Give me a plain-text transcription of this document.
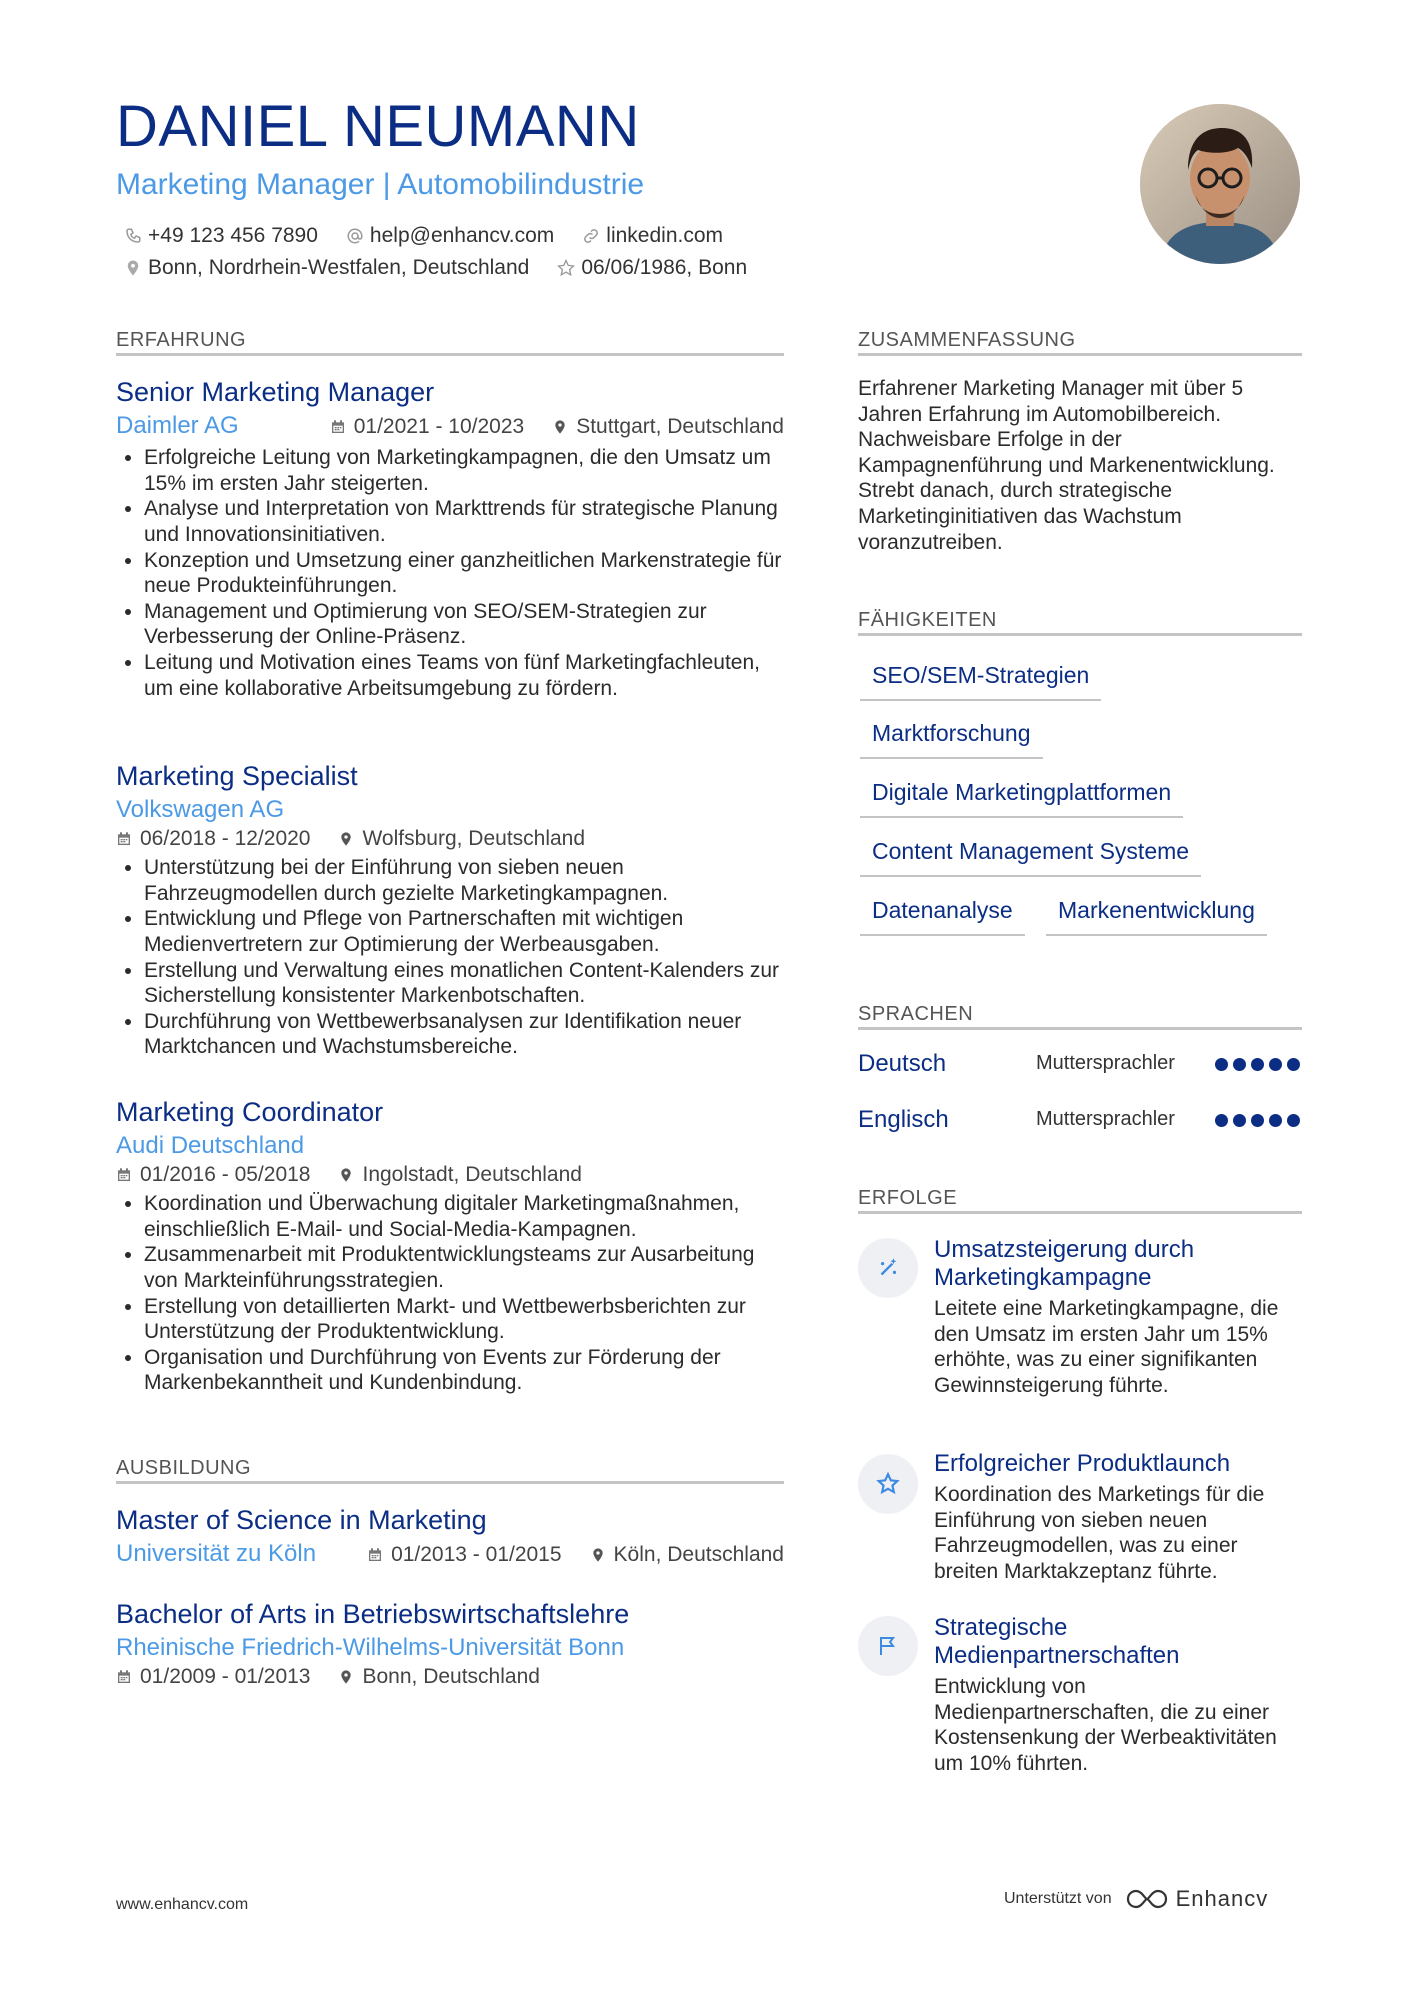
DANIEL NEUMANN
Marketing Manager | Automobilindustrie
+49 123 456 7890 help@enhancv.com linkedin.com
Bonn, Nordrhein-Westfalen, Deutschland 06/06/1986, Bonn
ERFAHRUNG
Senior Marketing Manager
Daimler AG	01/2021 - 10/2023 Stuttgart, Deutschland
• Erfolgreiche Leitung von Marketingkampagnen, die den Umsatz um 15% im ersten Jahr steigerten.
• Analyse und Interpretation von Markttrends für strategische Planung und Innovationsinitiativen.
• Konzeption und Umsetzung einer ganzheitlichen Markenstrategie für neue Produkteinführungen.
• Management und Optimierung von SEO/SEM-Strategien zur Verbesserung der Online-Präsenz.
• Leitung und Motivation eines Teams von fünf Marketingfachleuten, um eine kollaborative Arbeitsumgebung zu fördern.
Marketing Specialist
Volkswagen AG
06/2018 - 12/2020 Wolfsburg, Deutschland
• Unterstützung bei der Einführung von sieben neuen Fahrzeugmodellen durch gezielte Marketingkampagnen.
• Entwicklung und Pflege von Partnerschaften mit wichtigen Medienvertretern zur Optimierung der Werbeausgaben.
• Erstellung und Verwaltung eines monatlichen Content-Kalenders zur Sicherstellung konsistenter Markenbotschaften.
• Durchführung von Wettbewerbsanalysen zur Identifikation neuer Marktchancen und Wachstumsbereiche.
Marketing Coordinator
Audi Deutschland
01/2016 - 05/2018 Ingolstadt, Deutschland
• Koordination und Überwachung digitaler Marketingmaßnahmen, einschließlich E-Mail- und Social-Media-Kampagnen.
• Zusammenarbeit mit Produktentwicklungsteams zur Ausarbeitung von Markteinführungsstrategien.
• Erstellung von detaillierten Markt- und Wettbewerbsberichten zur Unterstützung der Produktentwicklung.
• Organisation und Durchführung von Events zur Förderung der Markenbekanntheit und Kundenbindung.
AUSBILDUNG
Master of Science in Marketing
Universität zu Köln	01/2013 - 01/2015 Köln, Deutschland
Bachelor of Arts in Betriebswirtschaftslehre
Rheinische Friedrich-Wilhelms-Universität Bonn
01/2009 - 01/2013 Bonn, Deutschland
ZUSAMMENFASSUNG
Erfahrener Marketing Manager mit über 5 Jahren Erfahrung im Automobilbereich. Nachweisbare Erfolge in der Kampagnenführung und Markenentwicklung. Strebt danach, durch strategische Marketinginitiativen das Wachstum voranzutreiben.
FÄHIGKEITEN
SEO/SEM-Strategien
Marktforschung
Digitale Marketingplattformen
Content Management Systeme
Datenanalyse	Markenentwicklung
SPRACHEN
Deutsch	Muttersprachler
Englisch	Muttersprachler
ERFOLGE
Umsatzsteigerung durch Marketingkampagne
Leitete eine Marketingkampagne, die den Umsatz im ersten Jahr um 15% erhöhte, was zu einer signifikanten Gewinnsteigerung führte.
Erfolgreicher Produktlaunch
Koordination des Marketings für die Einführung von sieben neuen Fahrzeugmodellen, was zu einer breiten Marktakzeptanz führte.
Strategische Medienpartnerschaften
Entwicklung von Medienpartnerschaften, die zu einer Kostensenkung der Werbeaktivitäten um 10% führten.
www.enhancv.com	Unterstützt von	Enhancv
